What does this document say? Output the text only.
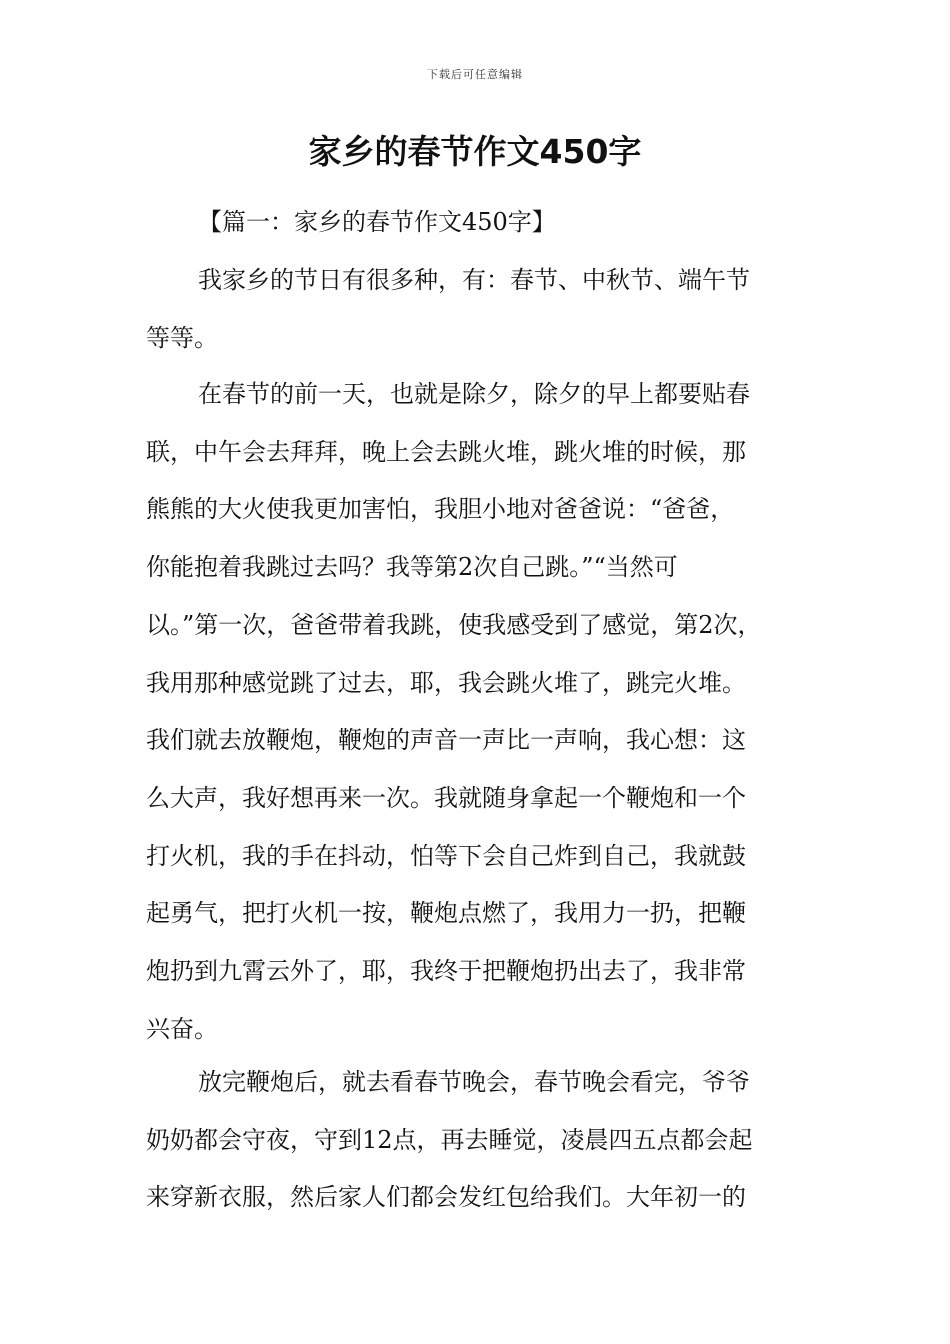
下载后可任意编辑
家乡的春节作文450字
【篇一：家乡的春节作文450字】
我家乡的节日有很多种，有：春节、中秋节、端午节
等等。
在春节的前一天，也就是除夕，除夕的早上都要贴春
联，中午会去拜拜，晚上会去跳火堆，跳火堆的时候，那
熊熊的大火使我更加害怕，我胆小地对爸爸说：“爸爸，
你能抱着我跳过去吗？我等第2次自己跳。”“当然可
以。”第一次，爸爸带着我跳，使我感受到了感觉，第2次，
我用那种感觉跳了过去，耶，我会跳火堆了，跳完火堆。
我们就去放鞭炮，鞭炮的声音一声比一声响，我心想：这
么大声，我好想再来一次。我就随身拿起一个鞭炮和一个
打火机，我的手在抖动，怕等下会自己炸到自己，我就鼓
起勇气，把打火机一按，鞭炮点燃了，我用力一扔，把鞭
炮扔到九霄云外了，耶，我终于把鞭炮扔出去了，我非常
兴奋。
放完鞭炮后，就去看春节晚会，春节晚会看完，爷爷
奶奶都会守夜，守到12点，再去睡觉，凌晨四五点都会起
来穿新衣服，然后家人们都会发红包给我们。大年初一的
